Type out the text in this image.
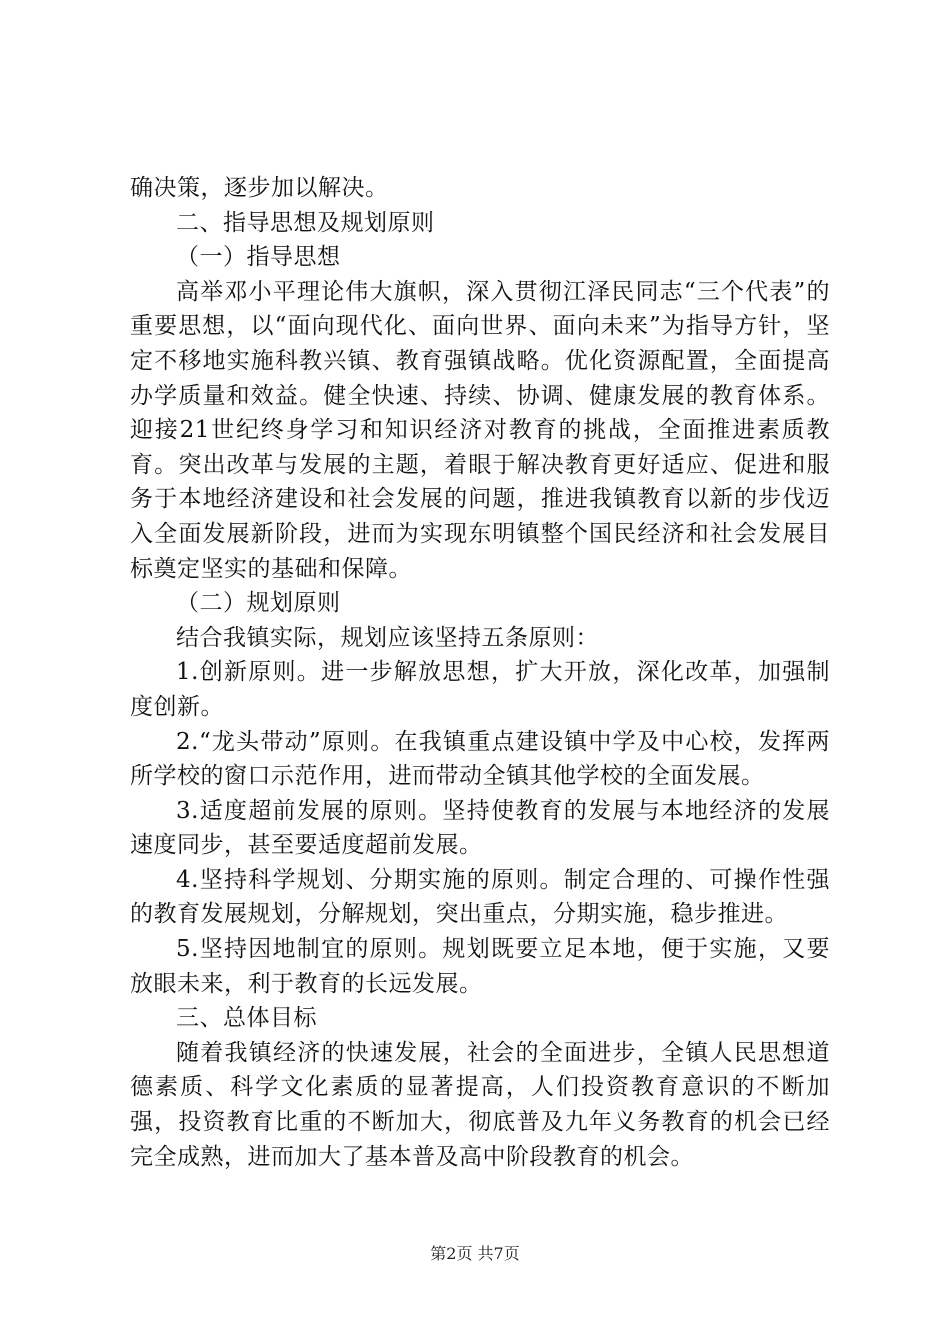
确决策，逐步加以解决。

二、指导思想及规划原则

（一）指导思想

高举邓小平理论伟大旗帜，深入贯彻江泽民同志“三个代表”的重要思想，以“面向现代化、面向世界、面向未来”为指导方针，坚定不移地实施科教兴镇、教育强镇战略。优化资源配置，全面提高办学质量和效益。健全快速、持续、协调、健康发展的教育体系。迎接21世纪终身学习和知识经济对教育的挑战，全面推进素质教育。突出改革与发展的主题，着眼于解决教育更好适应、促进和服务于本地经济建设和社会发展的问题，推进我镇教育以新的步伐迈入全面发展新阶段，进而为实现东明镇整个国民经济和社会发展目标奠定坚实的基础和保障。

（二）规划原则

结合我镇实际，规划应该坚持五条原则：

1.创新原则。进一步解放思想，扩大开放，深化改革，加强制度创新。

2.“龙头带动”原则。在我镇重点建设镇中学及中心校，发挥两所学校的窗口示范作用，进而带动全镇其他学校的全面发展。

3.适度超前发展的原则。坚持使教育的发展与本地经济的发展速度同步，甚至要适度超前发展。

4.坚持科学规划、分期实施的原则。制定合理的、可操作性强的教育发展规划，分解规划，突出重点，分期实施，稳步推进。

5.坚持因地制宜的原则。规划既要立足本地，便于实施，又要放眼未来，利于教育的长远发展。

三、总体目标

随着我镇经济的快速发展，社会的全面进步，全镇人民思想道德素质、科学文化素质的显著提高，人们投资教育意识的不断加强，投资教育比重的不断加大，彻底普及九年义务教育的机会已经完全成熟，进而加大了基本普及高中阶段教育的机会。

第2页 共7页
